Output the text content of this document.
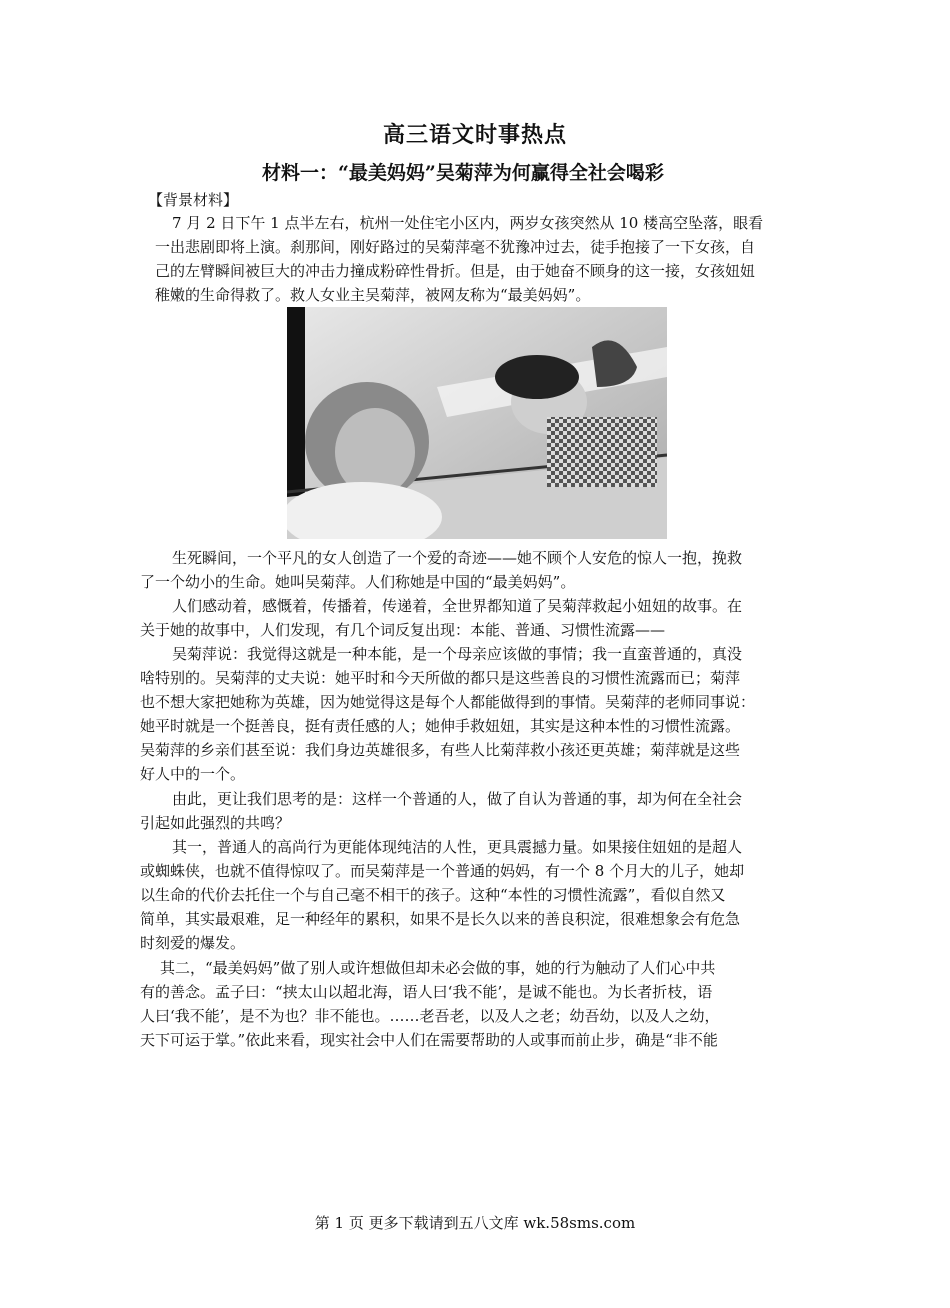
高三语文时事热点
材料一：“最美妈妈”吴菊萍为何赢得全社会喝彩
【背景材料】
7 月 2 日下午 1 点半左右，杭州一处住宅小区内，两岁女孩突然从 10 楼高空坠落，眼看
一出悲剧即将上演。刹那间，刚好路过的吴菊萍毫不犹豫冲过去，徒手抱接了一下女孩，自
己的左臂瞬间被巨大的冲击力撞成粉碎性骨折。但是，由于她奋不顾身的这一接，女孩妞妞
稚嫩的生命得救了。救人女业主吴菊萍，被网友称为“最美妈妈”。
生死瞬间，一个平凡的女人创造了一个爱的奇迹——她不顾个人安危的惊人一抱，挽救
了一个幼小的生命。她叫吴菊萍。人们称她是中国的“最美妈妈”。
人们感动着，感慨着，传播着，传递着，全世界都知道了吴菊萍救起小妞妞的故事。在
关于她的故事中，人们发现，有几个词反复出现：本能、普通、习惯性流露——
吴菊萍说：我觉得这就是一种本能，是一个母亲应该做的事情；我一直蛮普通的，真没
啥特别的。吴菊萍的丈夫说：她平时和今天所做的都只是这些善良的习惯性流露而已；菊萍
也不想大家把她称为英雄，因为她觉得这是每个人都能做得到的事情。吴菊萍的老师同事说：
她平时就是一个挺善良，挺有责任感的人；她伸手救妞妞，其实是这种本性的习惯性流露。
吴菊萍的乡亲们甚至说：我们身边英雄很多，有些人比菊萍救小孩还更英雄；菊萍就是这些
好人中的一个。
由此，更让我们思考的是：这样一个普通的人，做了自认为普通的事，却为何在全社会
引起如此强烈的共鸣？
其一，普通人的高尚行为更能体现纯洁的人性，更具震撼力量。如果接住妞妞的是超人
或蜘蛛侠，也就不值得惊叹了。而吴菊萍是一个普通的妈妈，有一个 8 个月大的儿子，她却
以生命的代价去托住一个与自己毫不相干的孩子。这种“本性的习惯性流露”，看似自然又
简单，其实最艰难，足一种经年的累积，如果不是长久以来的善良积淀，很难想象会有危急
时刻爱的爆发。
其二，“最美妈妈”做了别人或许想做但却未必会做的事，她的行为触动了人们心中共
有的善念。孟子曰：“挟太山以超北海，语人曰‘我不能’，是诚不能也。为长者折枝，语
人曰‘我不能’，是不为也？非不能也。……老吾老，以及人之老；幼吾幼，以及人之幼，
天下可运于掌。”依此来看，现实社会中人们在需要帮助的人或事而前止步，确是“非不能
第 1 页 更多下载请到五八文库 wk.58sms.com
